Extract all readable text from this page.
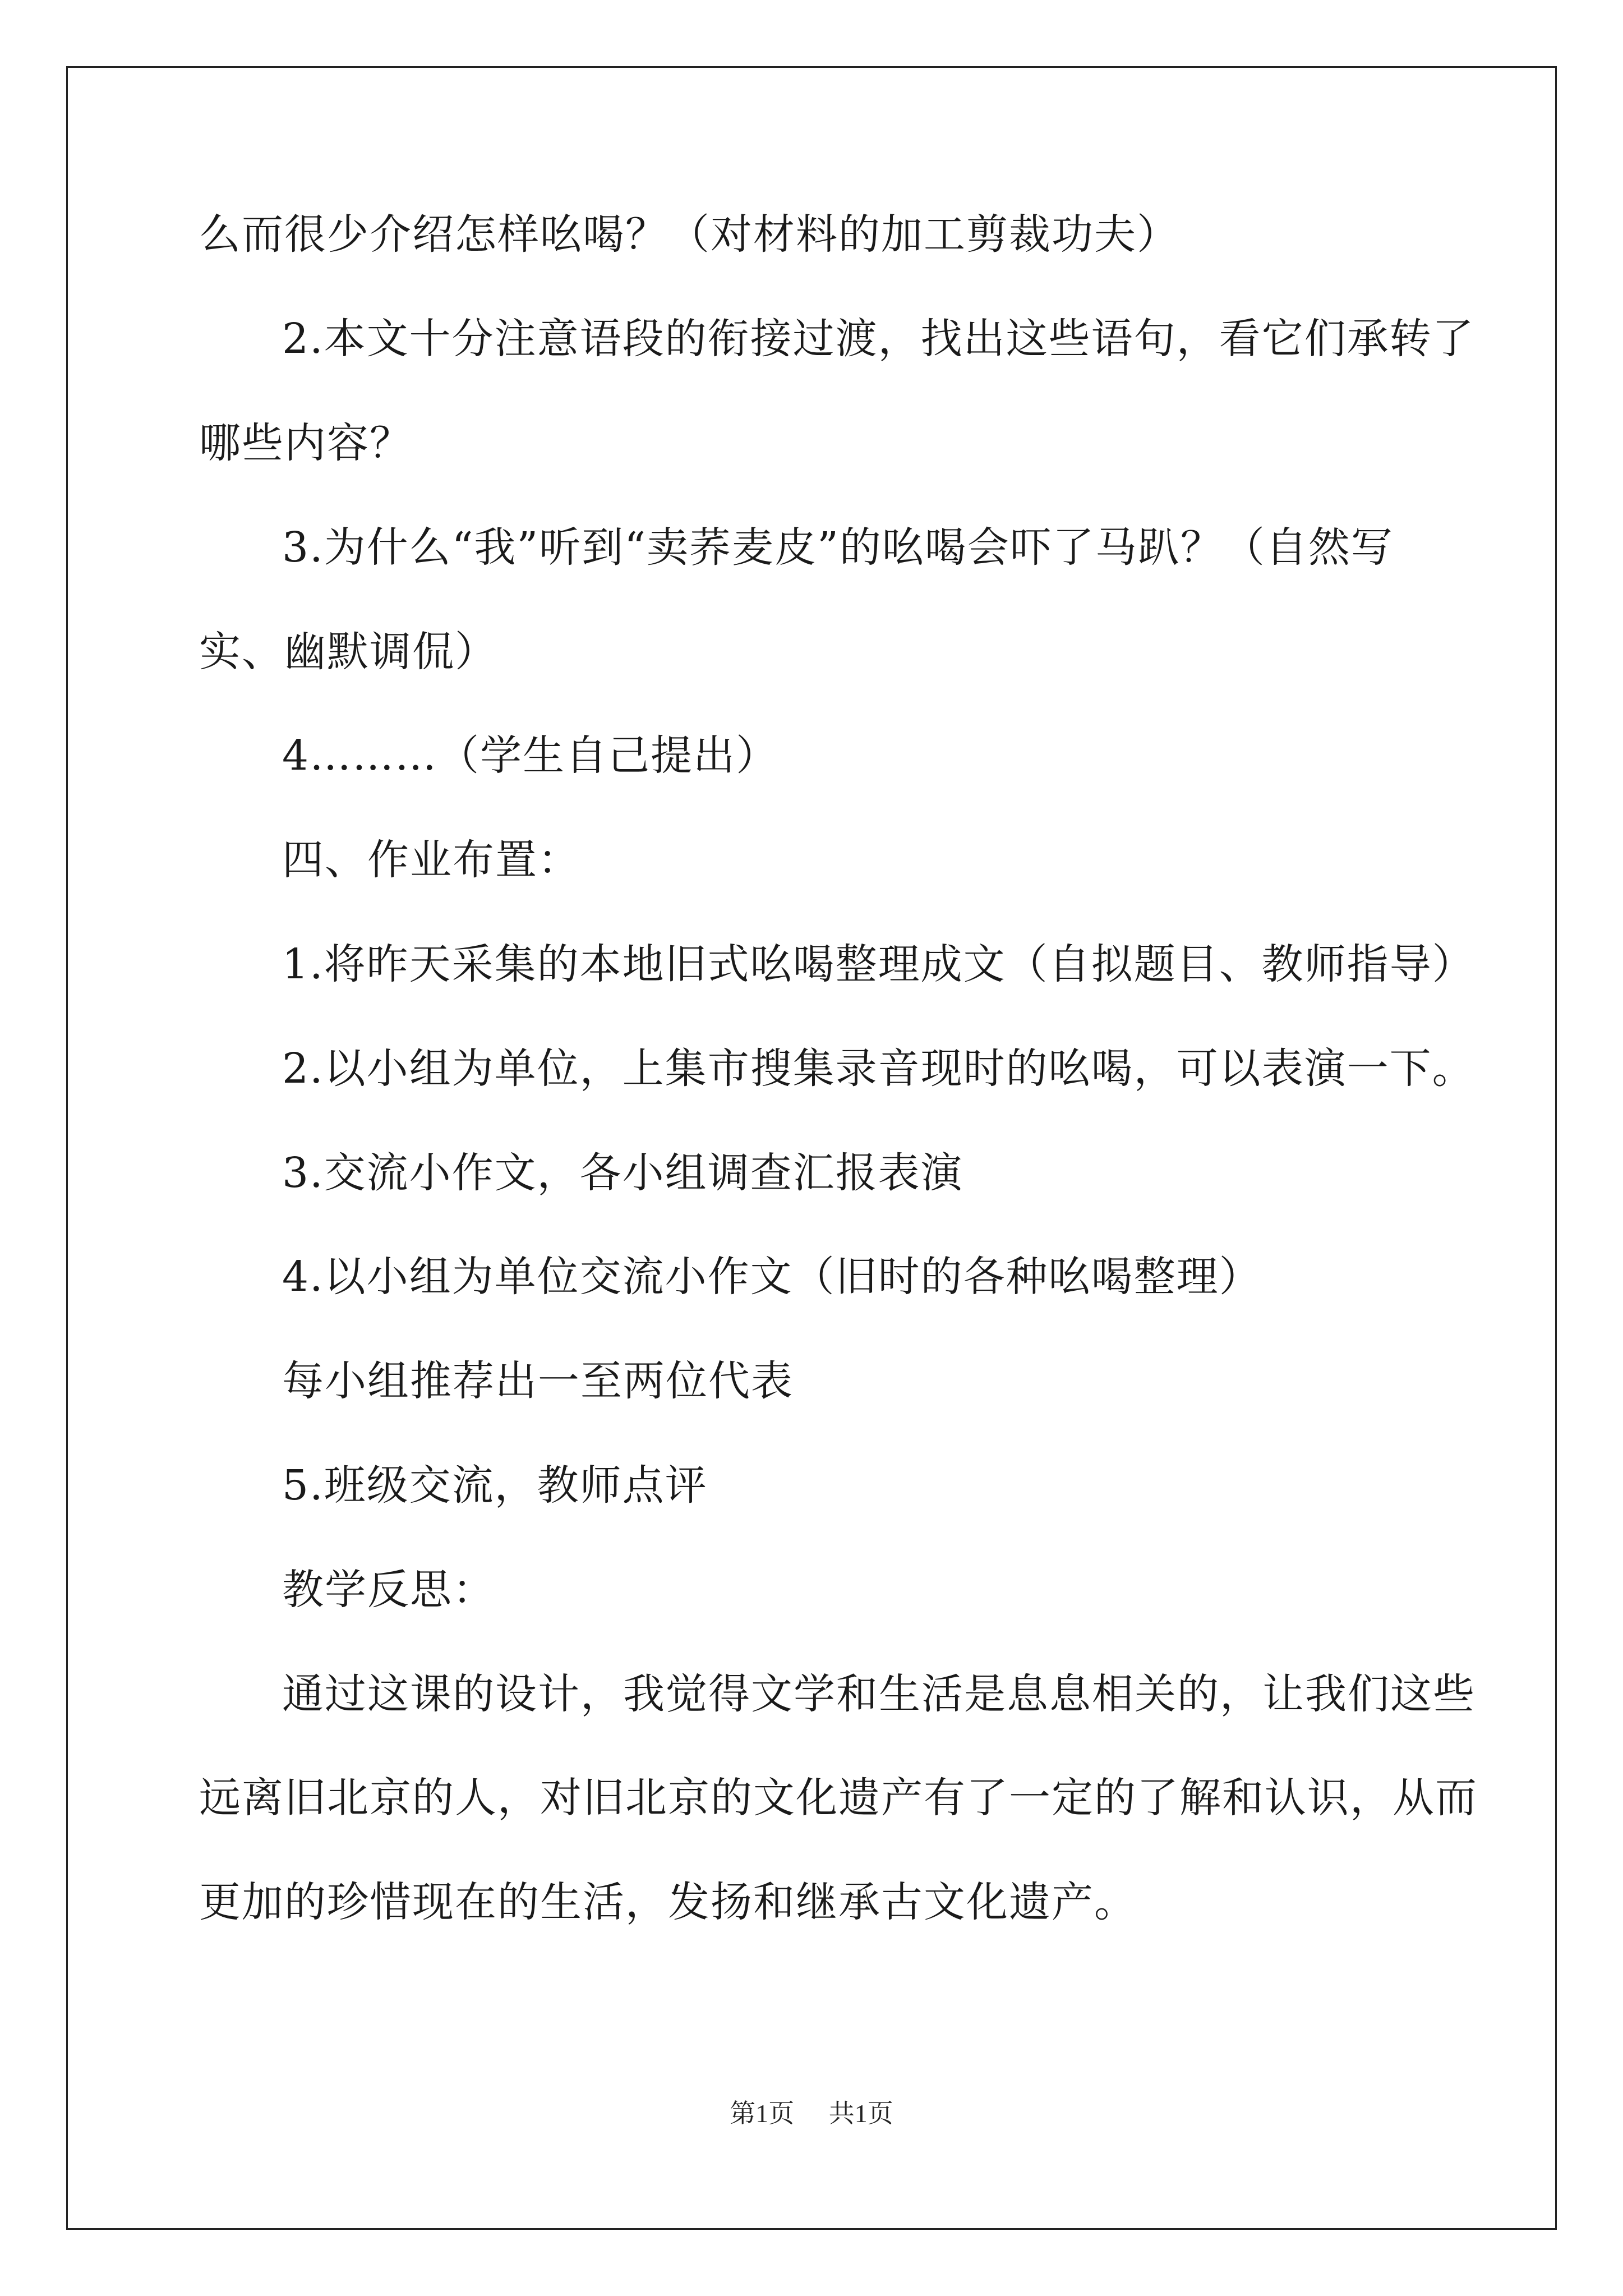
么而很少介绍怎样吆喝？（对材料的加工剪裁功夫）
2.本文十分注意语段的衔接过渡，找出这些语句，看它们承转了
哪些内容？
3.为什么“我”听到“卖荞麦皮”的吆喝会吓了马趴？（自然写
实、幽默调侃）
4………（学生自己提出）
四、作业布置：
1.将昨天采集的本地旧式吆喝整理成文（自拟题目、教师指导）
2.以小组为单位，上集市搜集录音现时的吆喝，可以表演一下。
3.交流小作文，各小组调查汇报表演
4.以小组为单位交流小作文（旧时的各种吆喝整理）
每小组推荐出一至两位代表
5.班级交流，教师点评
教学反思：
通过这课的设计，我觉得文学和生活是息息相关的，让我们这些
远离旧北京的人，对旧北京的文化遗产有了一定的了解和认识，从而
更加的珍惜现在的生活，发扬和继承古文化遗产。
第1页 共1页
